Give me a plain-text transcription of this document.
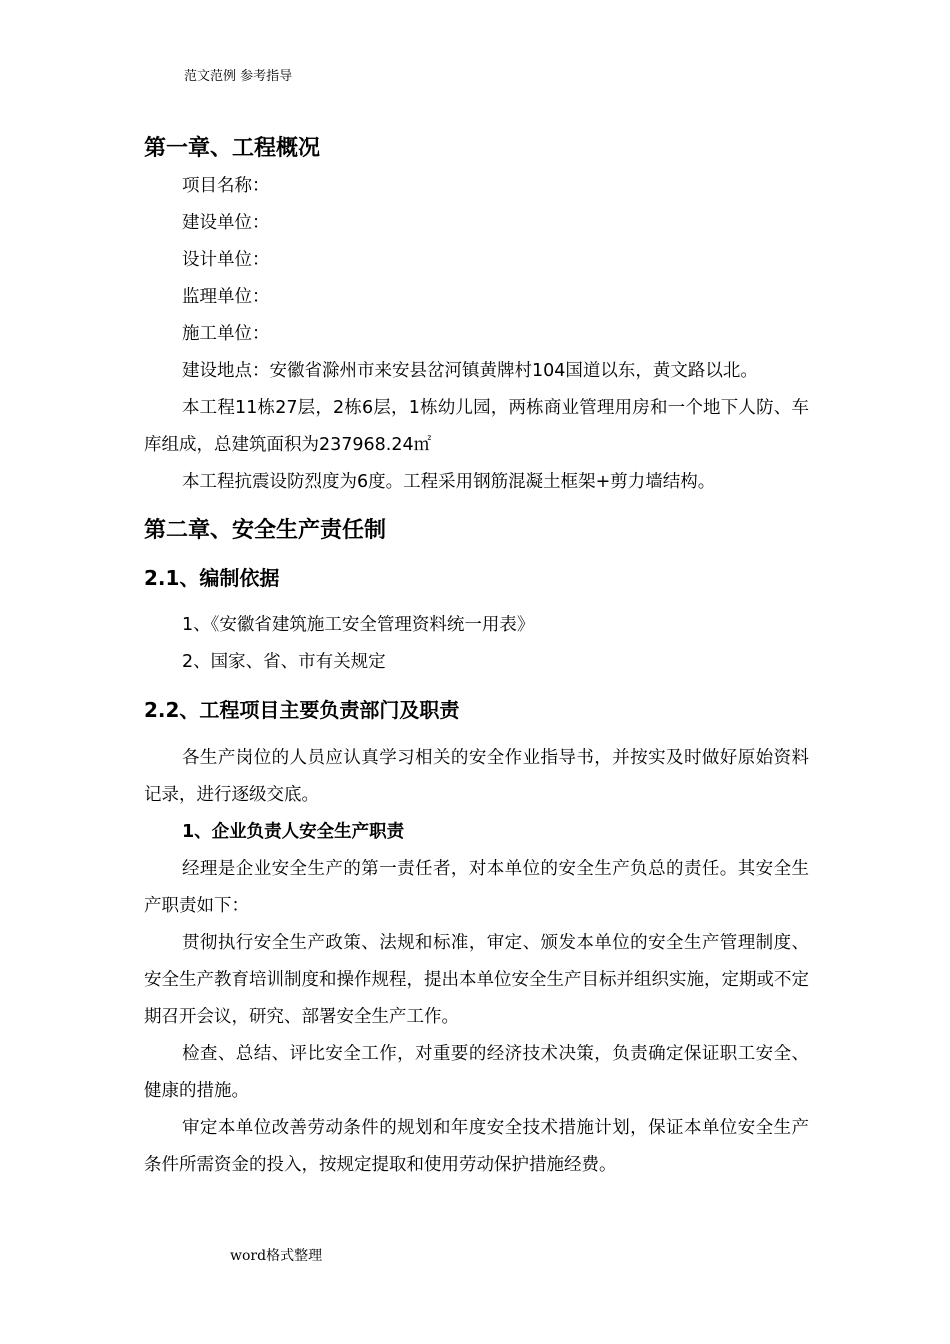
范文范例 参考指导
第一章、工程概况

项目名称：

建设单位：

设计单位：

监理单位：

施工单位：

建设地点：安徽省滁州市来安县岔河镇黄牌村104国道以东，黄文路以北。

本工程11栋27层，2栋6层，1栋幼儿园，两栋商业管理用房和一个地下人防、车库组成，总建筑面积为237968.24㎡

本工程抗震设防烈度为6度。工程采用钢筋混凝土框架+剪力墙结构。

第二章、安全生产责任制
2.1、编制依据

1、《安徽省建筑施工安全管理资料统一用表》

2、国家、省、市有关规定

2.2、工程项目主要负责部门及职责

各生产岗位的人员应认真学习相关的安全作业指导书，并按实及时做好原始资料记录，进行逐级交底。

1、企业负责人安全生产职责

经理是企业安全生产的第一责任者，对本单位的安全生产负总的责任。其安全生产职责如下：

贯彻执行安全生产政策、法规和标准，审定、颁发本单位的安全生产管理制度、安全生产教育培训制度和操作规程，提出本单位安全生产目标并组织实施，定期或不定期召开会议，研究、部署安全生产工作。

检查、总结、评比安全工作，对重要的经济技术决策，负责确定保证职工安全、健康的措施。

审定本单位改善劳动条件的规划和年度安全技术措施计划，保证本单位安全生产条件所需资金的投入，按规定提取和使用劳动保护措施经费。

word格式整理
